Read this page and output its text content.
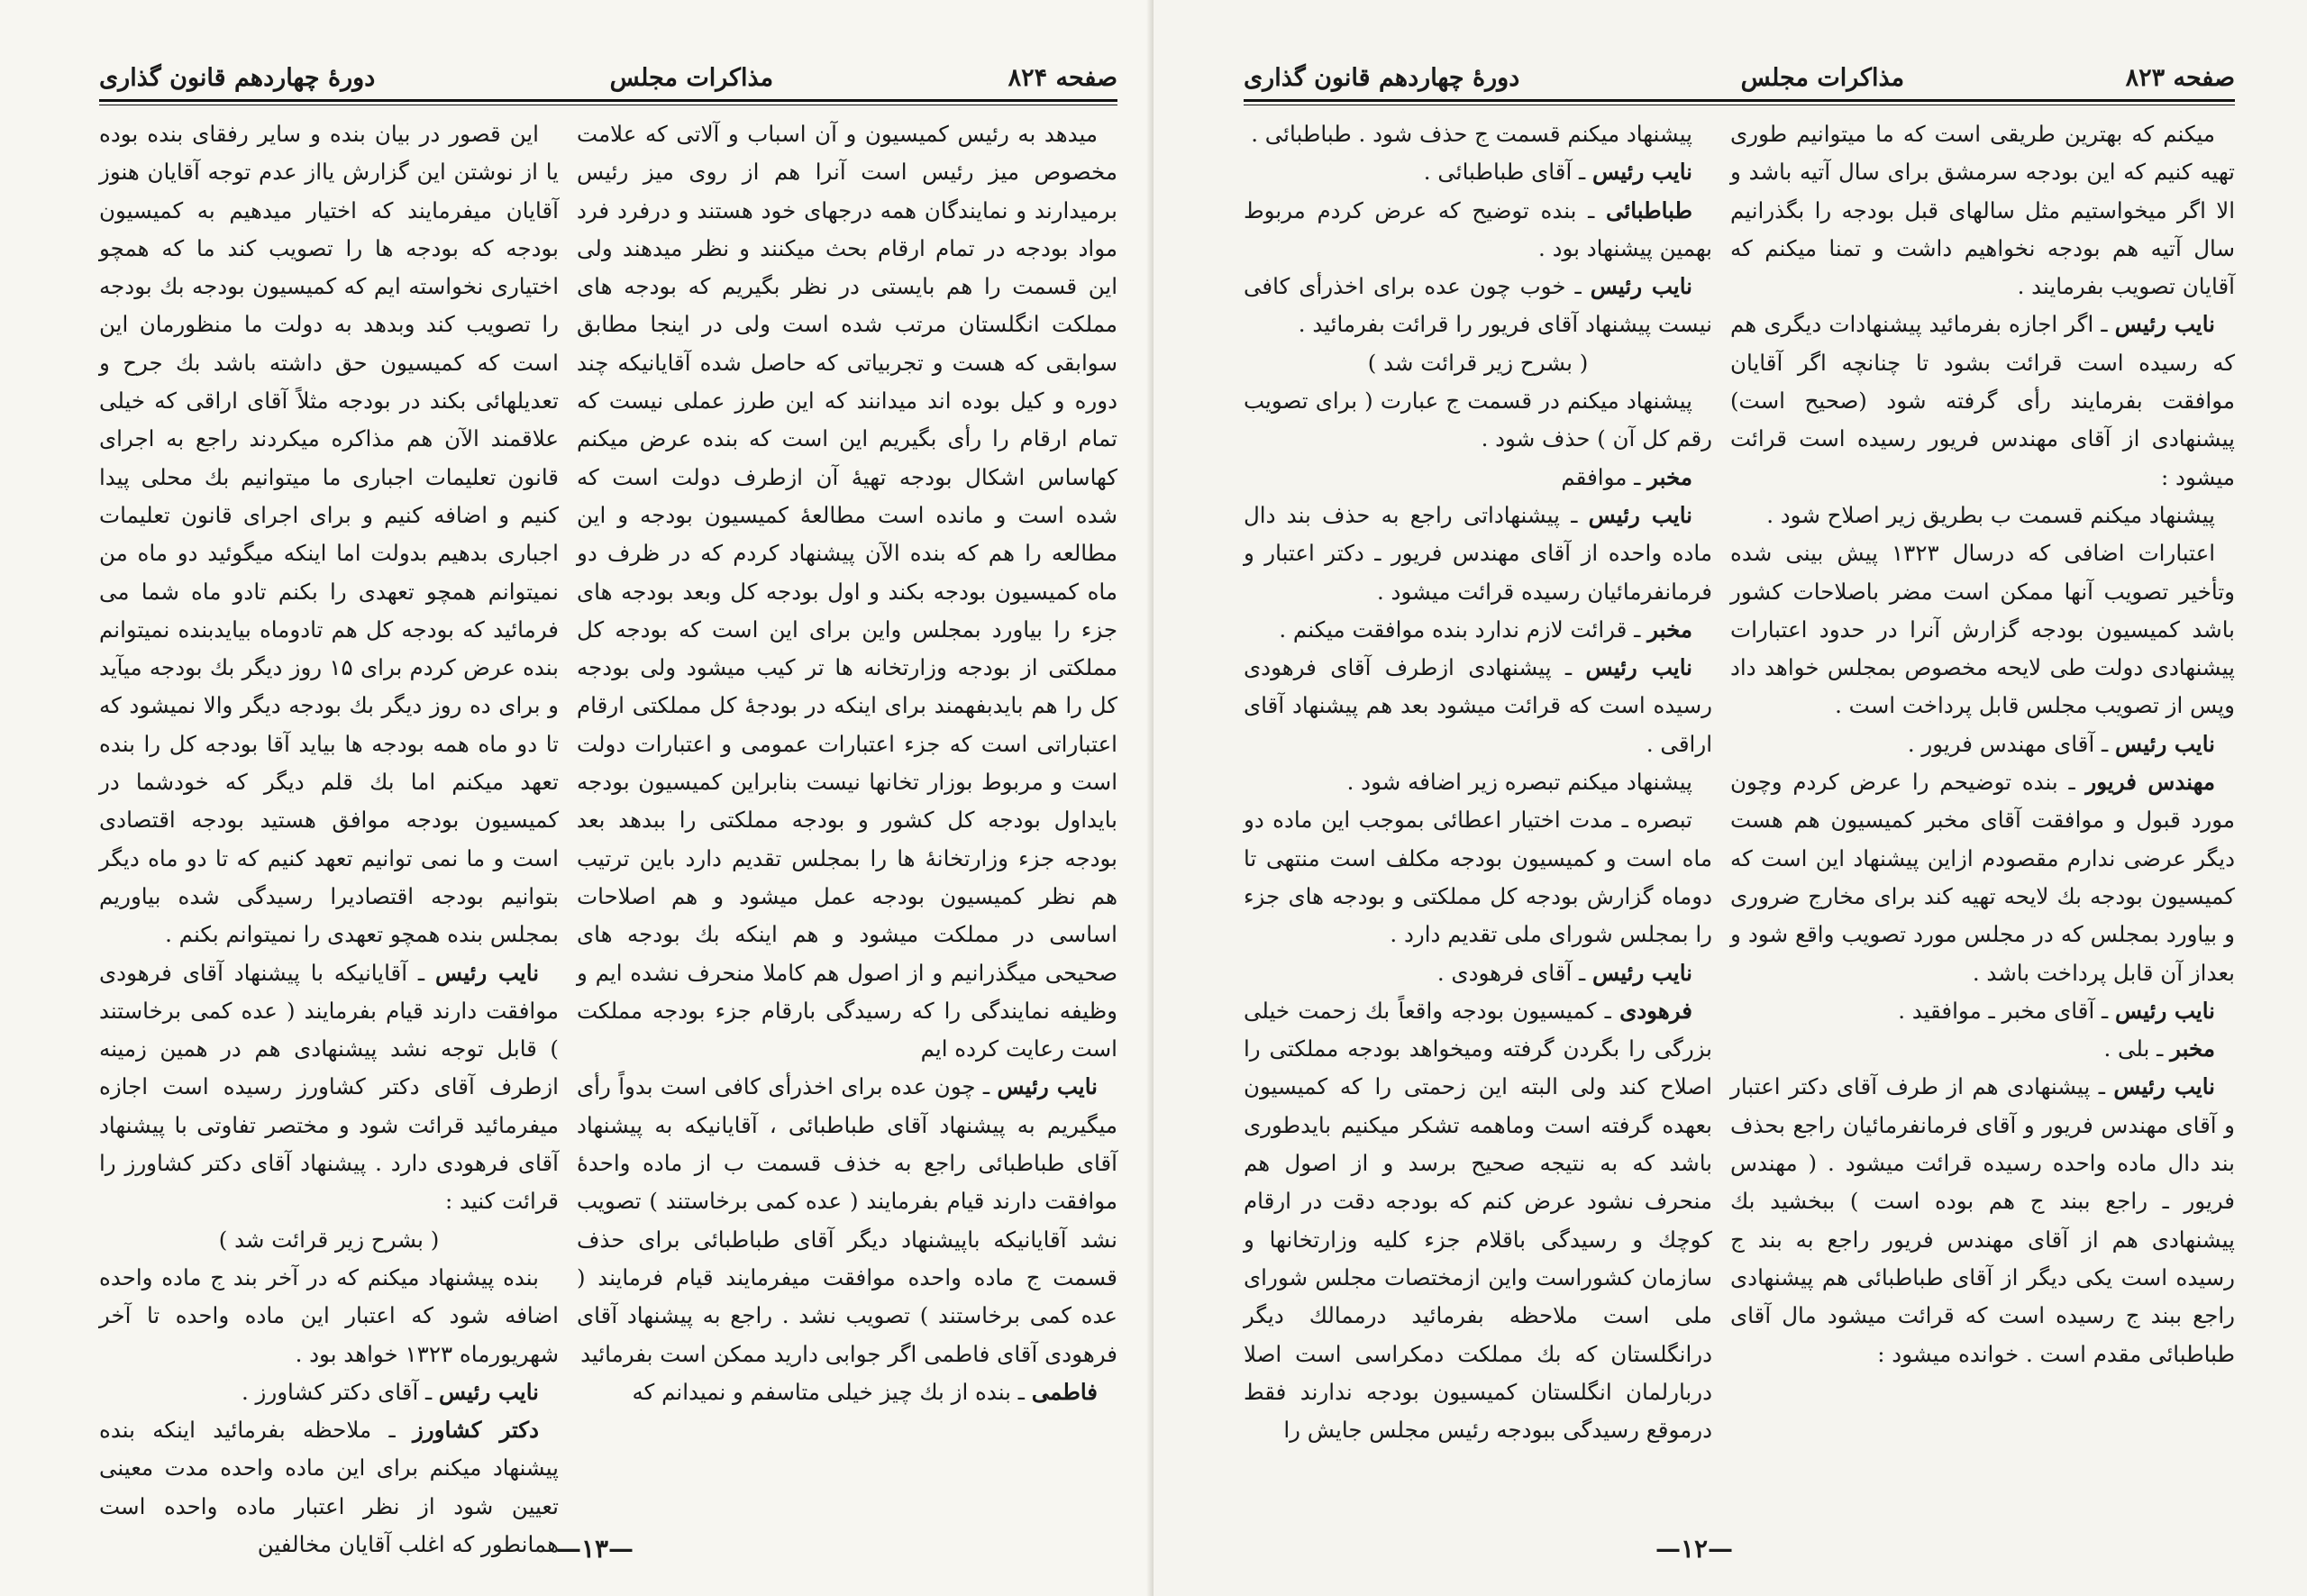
صفحه ۸۲۴
مذاکرات مجلس
دورهٔ چهاردهم قانون گذاری

میدهد به رئیس کمیسیون و آن اسباب و آلاتی که علامت مخصوص میز رئیس است آنرا هم از روی میز رئیس برمیدارند و نمایندگان همه درجهای خود هستند و درفرد فرد مواد بودجه در تمام ارقام بحث میکنند و نظر میدهند ولی این قسمت را هم بایستی در نظر بگیریم که بودجه های مملکت انگلستان مرتب شده است ولی در اینجا مطابق سوابقی که هست و تجربیاتی که حاصل شده آقایانیکه چند دوره و کیل بوده اند میدانند که این طرز عملی نیست که تمام ارقام را رأی بگیریم این است که بنده عرض میکنم کهاساس اشکال بودجه تهیهٔ آن ازطرف دولت است که شده است و مانده است مطالعهٔ کمیسیون بودجه و این مطالعه را هم که بنده الآن پیشنهاد کردم که در ظرف دو ماه کمیسیون بودجه بکند و اول بودجه کل وبعد بودجه های جزء را بیاورد بمجلس واین برای این است که بودجه کل مملکتی از بودجه وزارتخانه ها تر کیب میشود ولی بودجه کل را هم بایدبفهمند برای اینکه در بودجهٔ کل مملکتی ارقام اعتباراتی است که جزء اعتبارات عمومی و اعتبارات دولت است و مربوط بوزار تخانها نیست بنابراین کمیسیون بودجه بایداول بودجه کل کشور و بودجه مملکتی را ببدهد بعد بودجه جزء وزارتخانهٔ ها را بمجلس تقدیم دارد باین ترتیب هم نظر کمیسیون بودجه عمل میشود و هم اصلاحات اساسی در مملکت میشود و هم اینکه بك بودجه های صحیحی میگذرانیم و از اصول هم کاملا منحرف نشده ایم و وظیفه نمایندگی را که رسیدگی بارقام جزء بودجه مملکت است رعایت کرده ایم

نایب رئیس ـ چون عده برای اخذرأی کافی است بدواً رأی میگیریم به پیشنهاد آقای طباطبائی ، آقایانیکه به پیشنهاد آقای طباطبائی راجع به خذف قسمت ب از ماده واحدهٔ موافقت دارند قیام بفرمایند ( عده کمی برخاستند ) تصویب نشد آقایانیکه باپیشنهاد دیگر آقای طباطبائی برای حذف قسمت ج ماده واحده موافقت میفرمایند قیام فرمایند ( عده کمی برخاستند ) تصویب نشد . راجع به پیشنهاد آقای فرهودی آقای فاطمی اگر جوابی دارید ممکن است بفرمائید

فاطمی ـ بنده از بك چیز خیلی متاسفم و نمیدانم که

این قصور در بیان بنده و سایر رفقای بنده بوده یا از نوشتن این گزارش یااز عدم توجه آقایان هنوز آقایان میفرمایند که اختیار میدهیم به کمیسیون بودجه که بودجه ها را تصویب کند ما که همچو اختیاری نخواسته ایم که کمیسیون بودجه بك بودجه را تصویب کند وبدهد به دولت ما منظورمان این است که کمیسیون حق داشته باشد بك جرح و تعدیلهائی بکند در بودجه مثلاً آقای اراقی که خیلی علاقمند الآن هم مذاکره میکردند راجع به اجرای قانون تعلیمات اجباری ما میتوانیم بك محلی پیدا کنیم و اضافه کنیم و برای اجرای قانون تعلیمات اجباری بدهیم بدولت اما اینکه میگوئید دو ماه من نمیتوانم همچو تعهدی را بکنم تادو ماه شما می فرمائید که بودجه کل هم تادوماه بیایدبنده نمیتوانم بنده عرض کردم برای ۱۵ روز دیگر بك بودجه میآید و برای ده روز دیگر بك بودجه دیگر والا نمیشود که تا دو ماه همه بودجه ها بیاید آقا بودجه کل را بنده تعهد میکنم اما بك قلم دیگر که خودشما در کمیسیون بودجه موافق هستید بودجه اقتصادی است و ما نمی توانیم تعهد کنیم که تا دو ماه دیگر بتوانیم بودجه اقتصادیرا رسیدگی شده بیاوریم بمجلس بنده همچو تعهدی را نمیتوانم بکنم .

نایب رئیس ـ آقایانیکه با پیشنهاد آقای فرهودی موافقت دارند قیام بفرمایند ( عده کمی برخاستند ) قابل توجه نشد پیشنهادی هم در همین زمینه ازطرف آقای دکتر کشاورز رسیده است اجازه میفرمائید قرائت شود و مختصر تفاوتی با پیشنهاد آقای فرهودی دارد . پیشنهاد آقای دکتر کشاورز را قرائت کنید :

( بشرح زیر قرائت شد )

بنده پیشنهاد میکنم که در آخر بند ج ماده واحده اضافه شود که اعتبار این ماده واحده تا آخر شهریورماه ۱۳۲۳ خواهد بود .

نایب رئیس ـ آقای دکتر کشاورز .

دکتر کشاورز ـ ملاحظه بفرمائید اینکه بنده پیشنهاد میکنم برای این ماده واحده مدت معینی تعیین شود از نظر اعتبار ماده واحده است همانطور که اغلب آقایان مخالفین

—۱۳—
صفحه ۸۲۳
مذاکرات مجلس
دورهٔ چهاردهم قانون گذاری

میکنم که بهترین طریقی است که ما میتوانیم طوری تهیه کنیم که این بودجه سرمشق برای سال آتیه باشد و الا اگر میخواستیم مثل سالهای قبل بودجه را بگذرانیم سال آتیه هم بودجه نخواهیم داشت و تمنا میکنم که آقایان تصویب بفرمایند .

نایب رئیس ـ اگر اجازه بفرمائید پیشنهادات دیگری هم که رسیده است قرائت بشود تا چنانچه اگر آقایان موافقت بفرمایند رأی گرفته شود (صحیح است) پیشنهادی از آقای مهندس فریور رسیده است قرائت میشود :

پیشنهاد میکنم قسمت ب بطریق زیر اصلاح شود .

اعتبارات اضافی که درسال ۱۳۲۳ پیش بینی شده وتأخیر تصویب آنها ممکن است مضر باصلاحات کشور باشد کمیسیون بودجه گزارش آنرا در حدود اعتبارات پیشنهادی دولت طی لایحه مخصوص بمجلس خواهد داد وپس از تصویب مجلس قابل پرداخت است .

نایب رئیس ـ آقای مهندس فریور .

مهندس فریور ـ بنده توضیحم را عرض کردم وچون مورد قبول و موافقت آقای مخبر کمیسیون هم هست دیگر عرضی ندارم مقصودم ازاین پیشنهاد این است که کمیسیون بودجه بك لایحه تهیه کند برای مخارج ضروری و بیاورد بمجلس که در مجلس مورد تصویب واقع شود و بعداز آن قابل پرداخت باشد .

نایب رئیس ـ آقای مخبر ـ موافقید .

مخبر ـ بلی .

نایب رئیس ـ پیشنهادی هم از طرف آقای دکتر اعتبار و آقای مهندس فریور و آقای فرمانفرمائیان راجع بحذف بند دال ماده واحده رسیده قرائت میشود . ( مهندس فریور ـ راجع ببند ج هم بوده است ) ببخشید بك پیشنهادی هم از آقای مهندس فریور راجع به بند ج رسیده است یکی دیگر از آقای طباطبائی هم پیشنهادی راجع ببند ج رسیده است که قرائت میشود مال آقای طباطبائی مقدم است . خوانده میشود :

پیشنهاد میکنم قسمت ج حذف شود . طباطبائی .

نایب رئیس ـ آقای طباطبائی .

طباطبائی ـ بنده توضیح که عرض کردم مربوط بهمین پیشنهاد بود .

نایب رئیس ـ خوب چون عده برای اخذرأی کافی نیست پیشنهاد آقای فریور را قرائت بفرمائید .

( بشرح زیر قرائت شد )

پیشنهاد میکنم در قسمت ج عبارت ( برای تصویب رقم کل آن ) حذف شود .

مخبر ـ موافقم

نایب رئیس ـ پیشنهاداتی راجع به حذف بند دال ماده واحده از آقای مهندس فریور ـ دکتر اعتبار و فرمانفرمائیان رسیده قرائت میشود .

مخبر ـ قرائت لازم ندارد بنده موافقت میکنم .

نایب رئیس ـ پیشنهادی ازطرف آقای فرهودی رسیده است که قرائت میشود بعد هم پیشنهاد آقای اراقی .

پیشنهاد میکنم تبصره زیر اضافه شود .

تبصره ـ مدت اختیار اعطائی بموجب این ماده دو ماه است و کمیسیون بودجه مکلف است منتهی تا دوماه گزارش بودجه کل مملکتی و بودجه های جزء را بمجلس شورای ملی تقدیم دارد .

نایب رئیس ـ آقای فرهودی .

فرهودی ـ کمیسیون بودجه واقعاً بك زحمت خیلی بزرگی را بگردن گرفته ومیخواهد بودجه مملکتی را اصلاح کند ولی البته این زحمتی را که کمیسیون بعهده گرفته است وماهمه تشکر میکنیم بایدطوری باشد که به نتیجه صحیح برسد و از اصول هم منحرف نشود عرض کنم که بودجه دقت در ارقام کوچك و رسیدگی باقلام جزء کلیه وزارتخانها و سازمان کشوراست واین ازمختصات مجلس شورای ملی است ملاحظه بفرمائید درممالك دیگر درانگلستان که بك مملکت دمکراسی است اصلا دربارلمان انگلستان کمیسیون بودجه ندارند فقط درموقع رسیدگی ببودجه رئیس مجلس جایش را

—۱۲—
